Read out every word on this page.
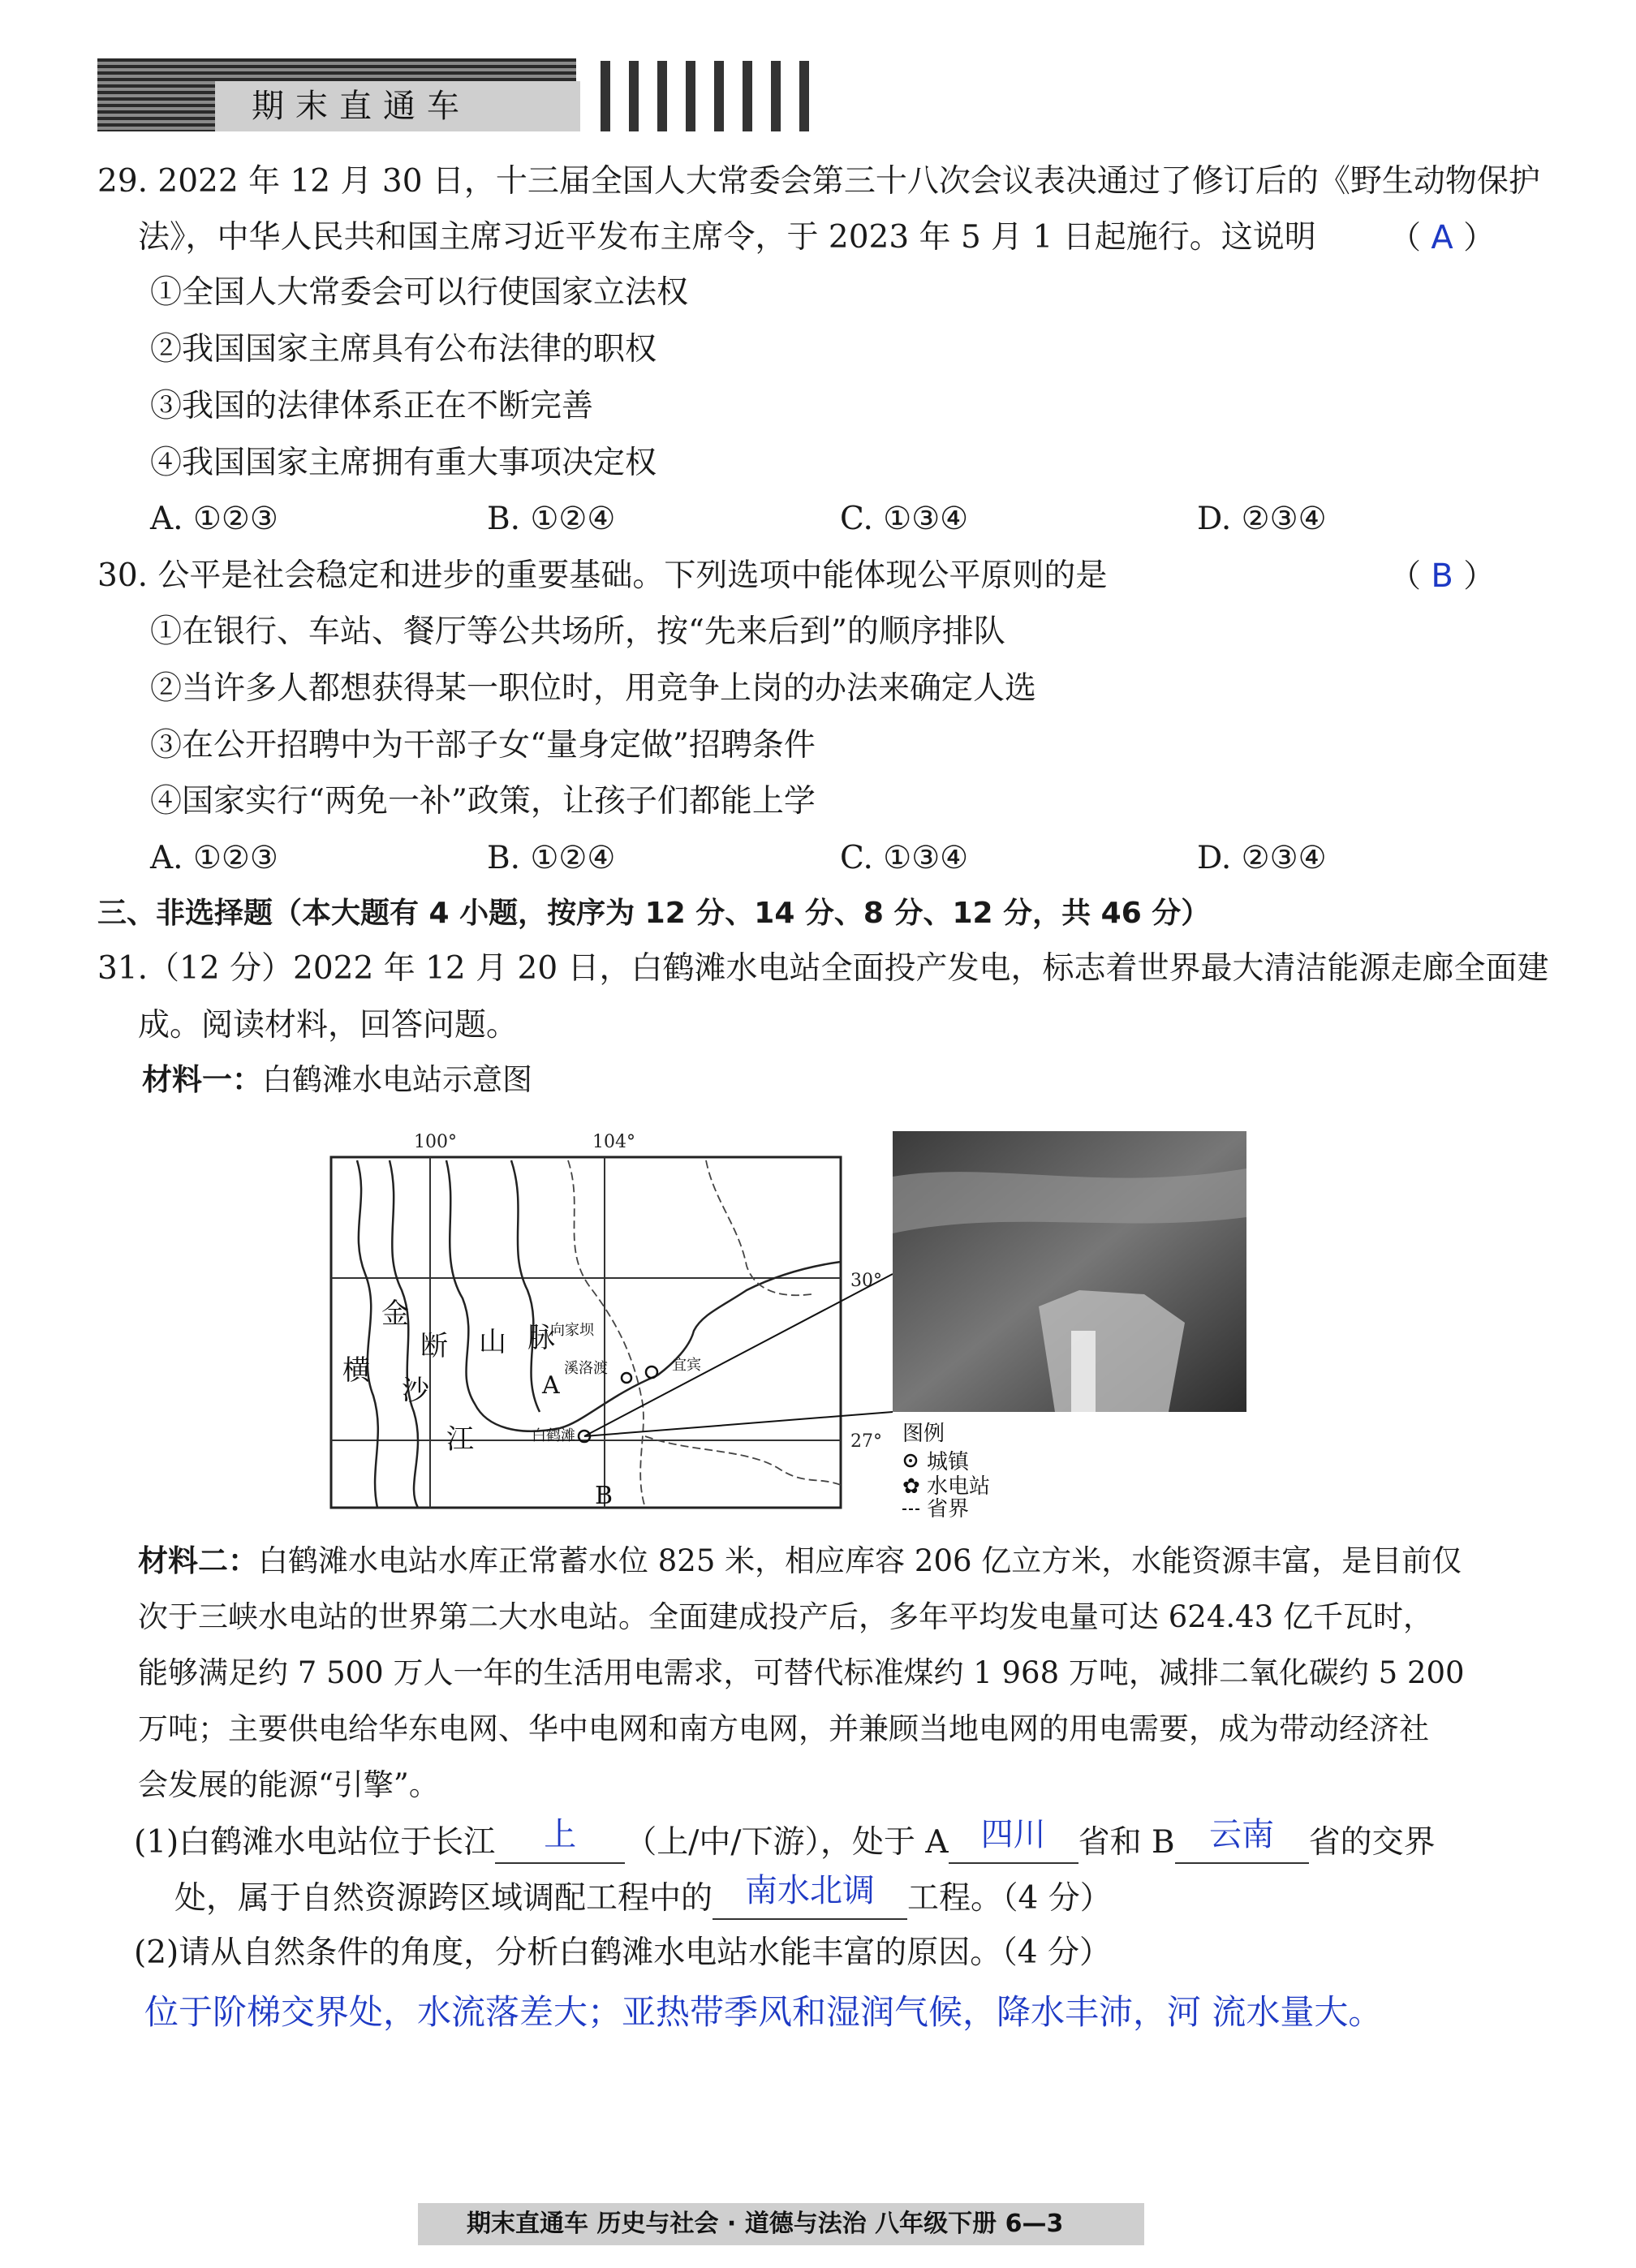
期末直通车
29. 2022 年 12 月 30 日，十三届全国人大常委会第三十八次会议表决通过了修订后的《野生动物保护
法》，中华人民共和国主席习近平发布主席令，于 2023 年 5 月 1 日起施行。这说明 （ A ）
①全国人大常委会可以行使国家立法权
②我国国家主席具有公布法律的职权
③我国的法律体系正在不断完善
④我国国家主席拥有重大事项决定权
A. ①②③	B. ①②④	C. ①③④	D. ②③④
30. 公平是社会稳定和进步的重要基础。下列选项中能体现公平原则的是	（ B ）
①在银行、车站、餐厅等公共场所，按“先来后到”的顺序排队
②当许多人都想获得某一职位时，用竞争上岗的办法来确定人选
③在公开招聘中为干部子女“量身定做”招聘条件
④国家实行“两免一补”政策，让孩子们都能上学
A. ①②③	B. ①②④	C. ①③④	D. ②③④
三、非选择题（本大题有 4 小题，按序为 12 分、14 分、8 分、12 分，共 46 分）
31.（12 分）2022 年 12 月 20 日，白鹤滩水电站全面投产发电，标志着世界最大清洁能源走廊全面建
成。阅读材料，回答问题。
材料一：白鹤滩水电站示意图
100°	104°
30°
27°
金
断 山 脉
横
沙
江
A
B
向家坝
溪洛渡	宜宾
白鹤滩	图例
城镇
✿ 水电站
省界
材料二：白鹤滩水电站水库正常蓄水位 825 米，相应库容 206 亿立方米，水能资源丰富，是目前仅
次于三峡水电站的世界第二大水电站。全面建成投产后，多年平均发电量可达 624.43 亿千瓦时，
能够满足约 7 500 万人一年的生活用电需求，可替代标准煤约 1 968 万吨，减排二氧化碳约 5 200
万吨；主要供电给华东电网、华中电网和南方电网，并兼顾当地电网的用电需要，成为带动经济社
会发展的能源“引擎”。
(1)白鹤滩水电站位于长江	上	（上/中/下游），处于 A	四川	省和 B	云南	省的交界
处，属于自然资源跨区域调配工程中的	南水北调	工程。（4 分）
(2)请从自然条件的角度，分析白鹤滩水电站水能丰富的原因。（4 分）
位于阶梯交界处，水流落差大；亚热带季风和湿润气候，降水丰沛，河 流水量大。
期末直通车 历史与社会 · 道德与法治 八年级下册 6—3
